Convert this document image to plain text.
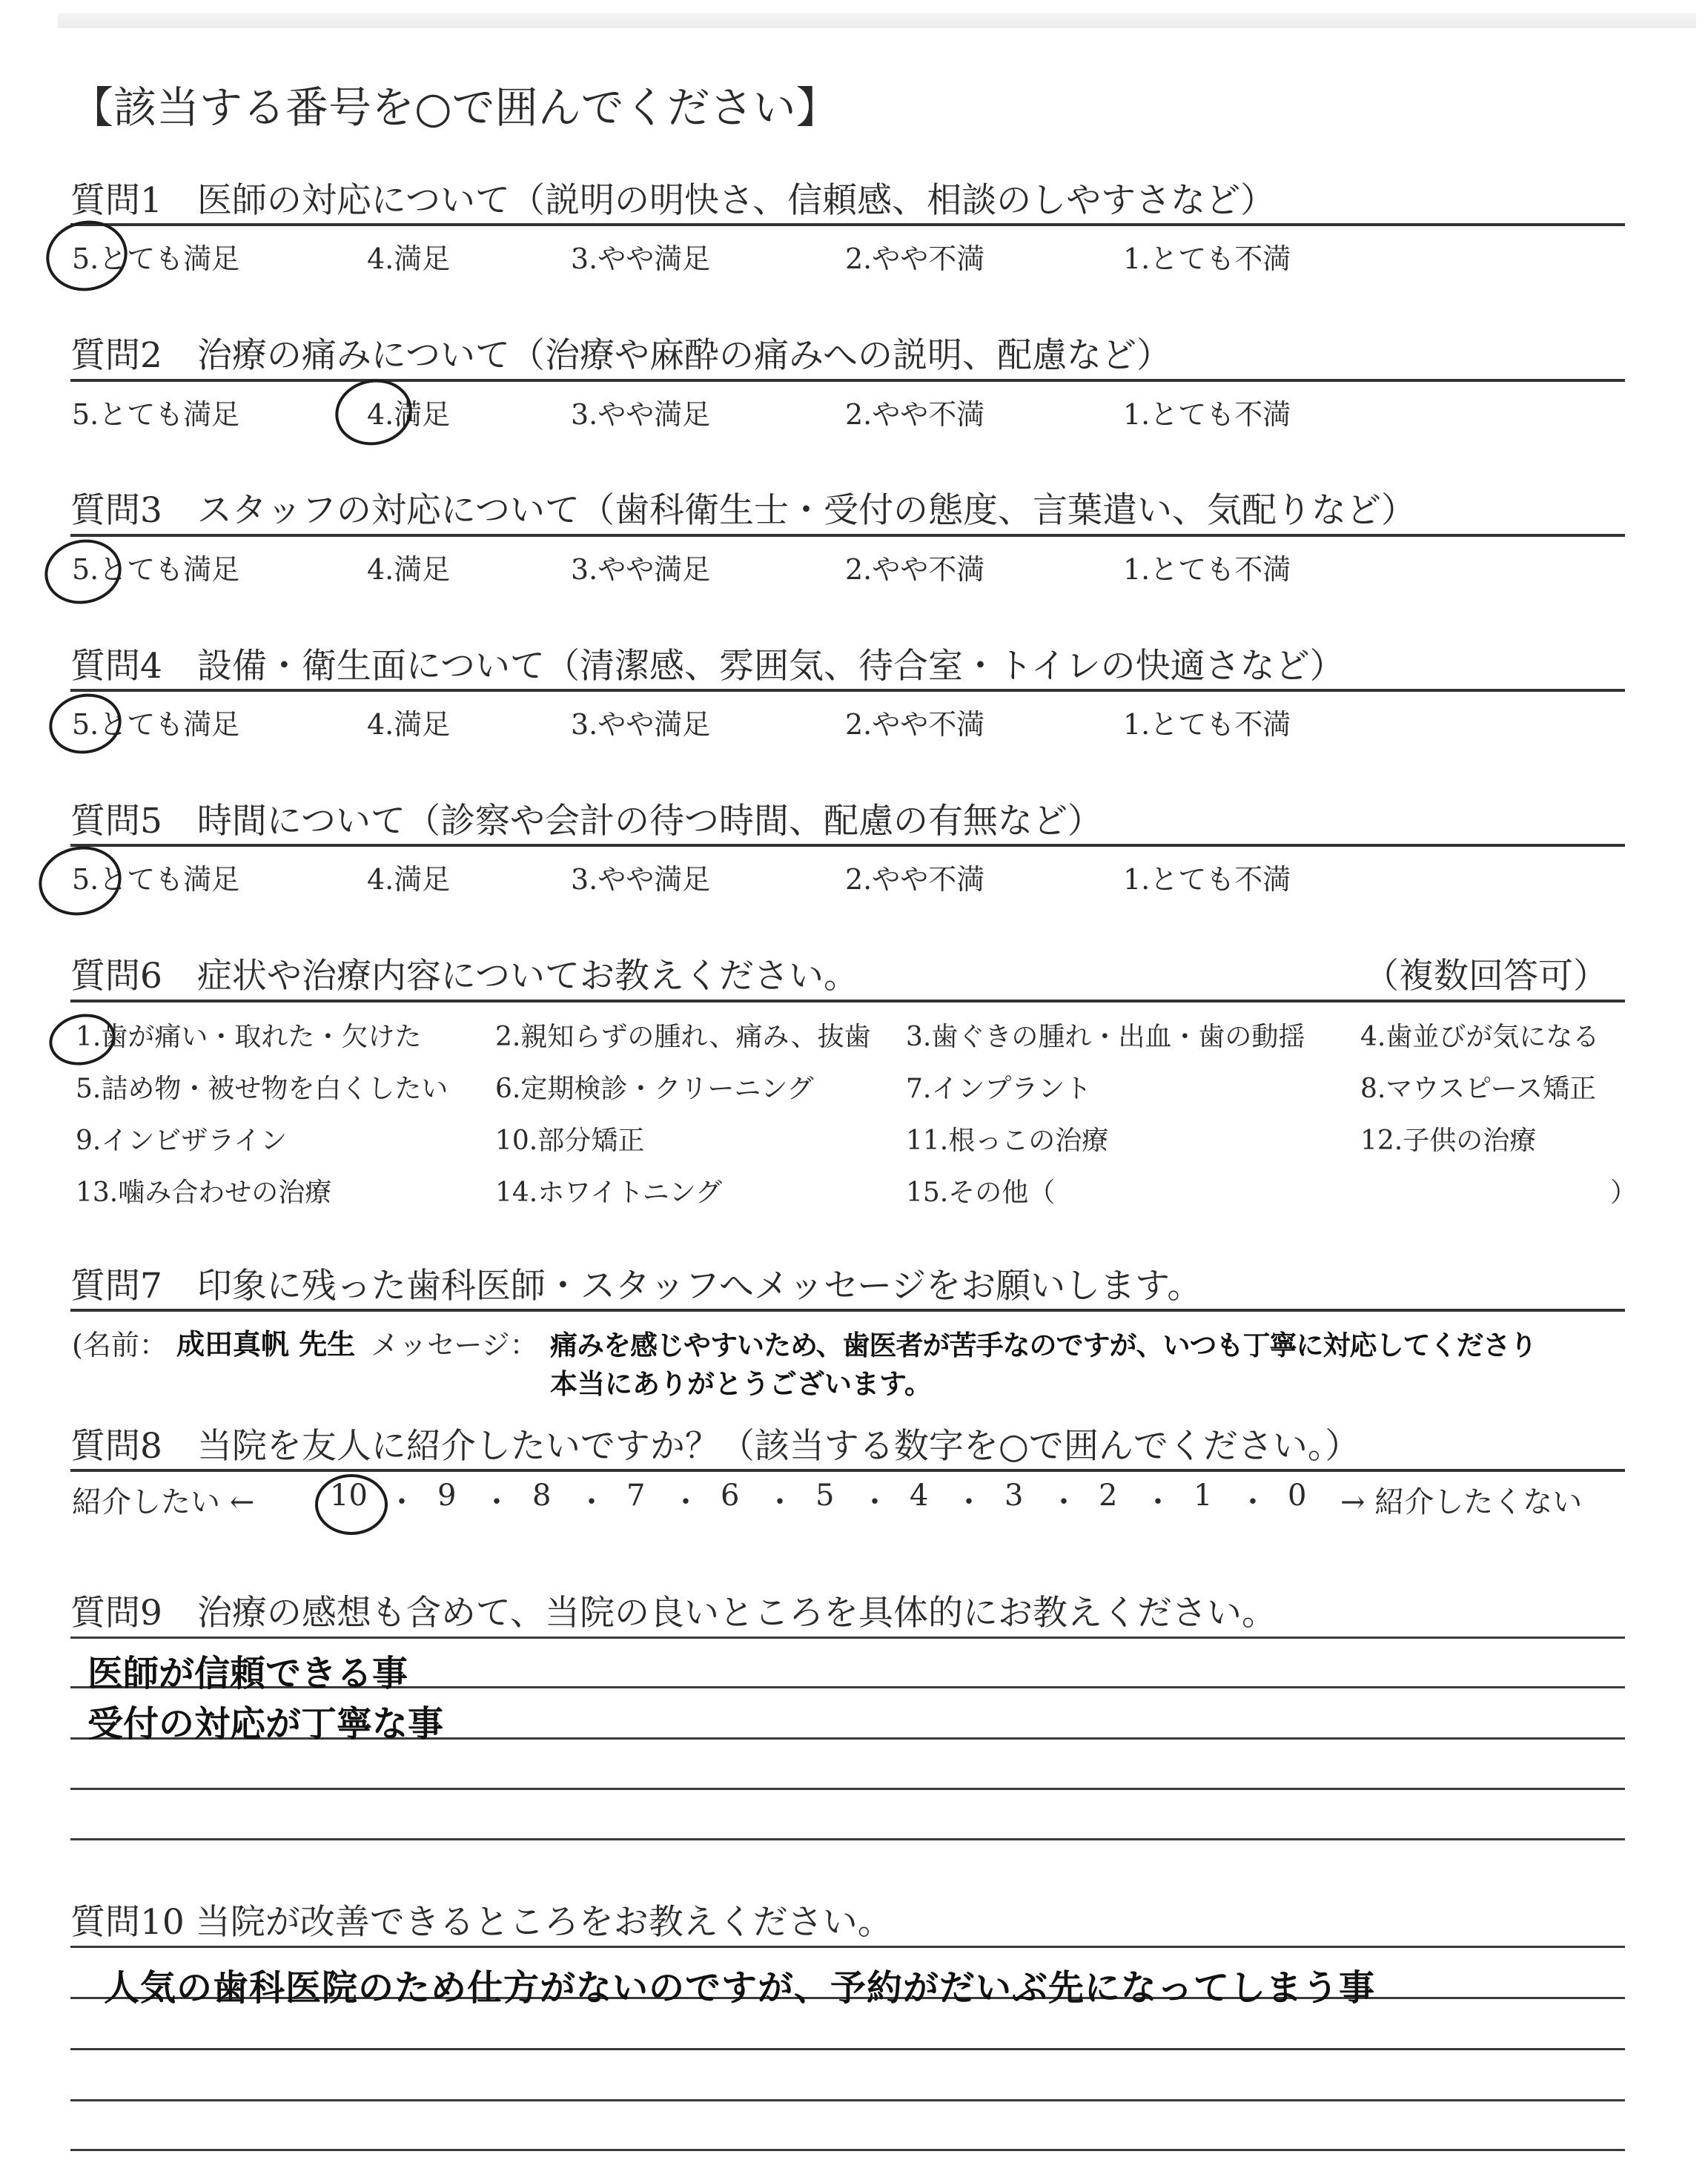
【該当する番号を○で囲んでください】
質問1　医師の対応について（説明の明快さ、信頼感、相談のしやすさなど）
5.とても満足	4.満足	3.やや満足	2.やや不満	1.とても不満
質問2　治療の痛みについて（治療や麻酔の痛みへの説明、配慮など）
5.とても満足	4.満足	3.やや満足	2.やや不満	1.とても不満
質問3　スタッフの対応について（歯科衛生士・受付の態度、言葉遣い、気配りなど）
5.とても満足	4.満足	3.やや満足	2.やや不満	1.とても不満
質問4　設備・衛生面について（清潔感、雰囲気、待合室・トイレの快適さなど）
5.とても満足	4.満足	3.やや満足	2.やや不満	1.とても不満
質問5　時間について（診察や会計の待つ時間、配慮の有無など）
5.とても満足	4.満足	3.やや満足	2.やや不満	1.とても不満
質問6　症状や治療内容についてお教えください。	（複数回答可）
1.歯が痛い・取れた・欠けた	2.親知らずの腫れ、痛み、抜歯 3.歯ぐきの腫れ・出血・歯の動揺 4.歯並びが気になる
5.詰め物・被せ物を白くしたい 6.定期検診・クリーニング	7.インプラント	8.マウスピース矯正
9.インビザライン	10.部分矯正	11.根っこの治療	12.子供の治療
13.噛み合わせの治療	14.ホワイトニング	15.その他（	）
質問7　印象に残った歯科医師・スタッフへメッセージをお願いします。
(名前： 成田真帆 先生 メッセージ： 痛みを感じやすいため、歯医者が苦手なのですが、いつも丁寧に対応してくださり
本当にありがとうございます。
質問8　当院を友人に紹介したいですか？（該当する数字を○で囲んでください。）
紹介したい ←	→ 紹介したくない
10 ・ 9 ・ 8 ・ 7 ・ 6 ・ 5 ・ 4 ・ 3 ・ 2 ・ 1 ・ 0
質問9　治療の感想も含めて、当院の良いところを具体的にお教えください。
医師が信頼できる事
受付の対応が丁寧な事
質問10 当院が改善できるところをお教えください。
人気の歯科医院のため仕方がないのですが、予約がだいぶ先になってしまう事
